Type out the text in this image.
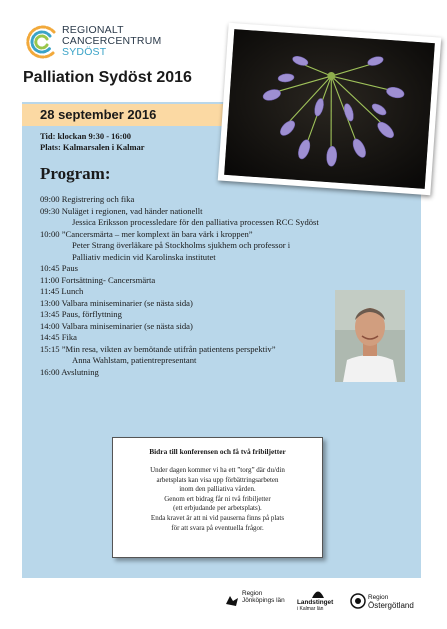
REGIONALT
CANCERCENTRUM
SYDÖST
Palliation Sydöst 2016
28 september 2016
Tid: klockan 9:30 - 16:00
Plats: Kalmarsalen i Kalmar
Program:
09:00 Registrering och fika
09:30 Nuläget i regionen, vad händer nationellt
Jessica Eriksson processledare för den palliativa processen RCC Sydöst
10:00 ”Cancersmärta – mer komplext än bara värk i kroppen”
Peter Strang överläkare på Stockholms sjukhem och professor i
Palliativ medicin vid Karolinska institutet
10:45 Paus
11:00 Fortsättning- Cancersmärta
11:45 Lunch
13:00 Valbara miniseminarier (se nästa sida)
13:45 Paus, förflyttning
14:00 Valbara miniseminarier (se nästa sida)
14:45 Fika
15:15 ”Min resa, vikten av bemötande utifrån patientens perspektiv”
Anna Wahlstam, patientrepresentant
16:00 Avslutning
Bidra till konferensen och få två fribiljetter
Under dagen kommer vi ha ett ”torg” där du/din
arbetsplats kan visa upp förbättringsarbeten
inom den palliativa vården.
Genom ert bidrag får ni två fribiljetter
(ett erbjudande per arbetsplats).
Enda kravet är att ni vid pauserna finns på plats
för att svara på eventuella frågor.
Region
Jönköpings län Landstinget
i Kalmar län
Region
Östergötland
